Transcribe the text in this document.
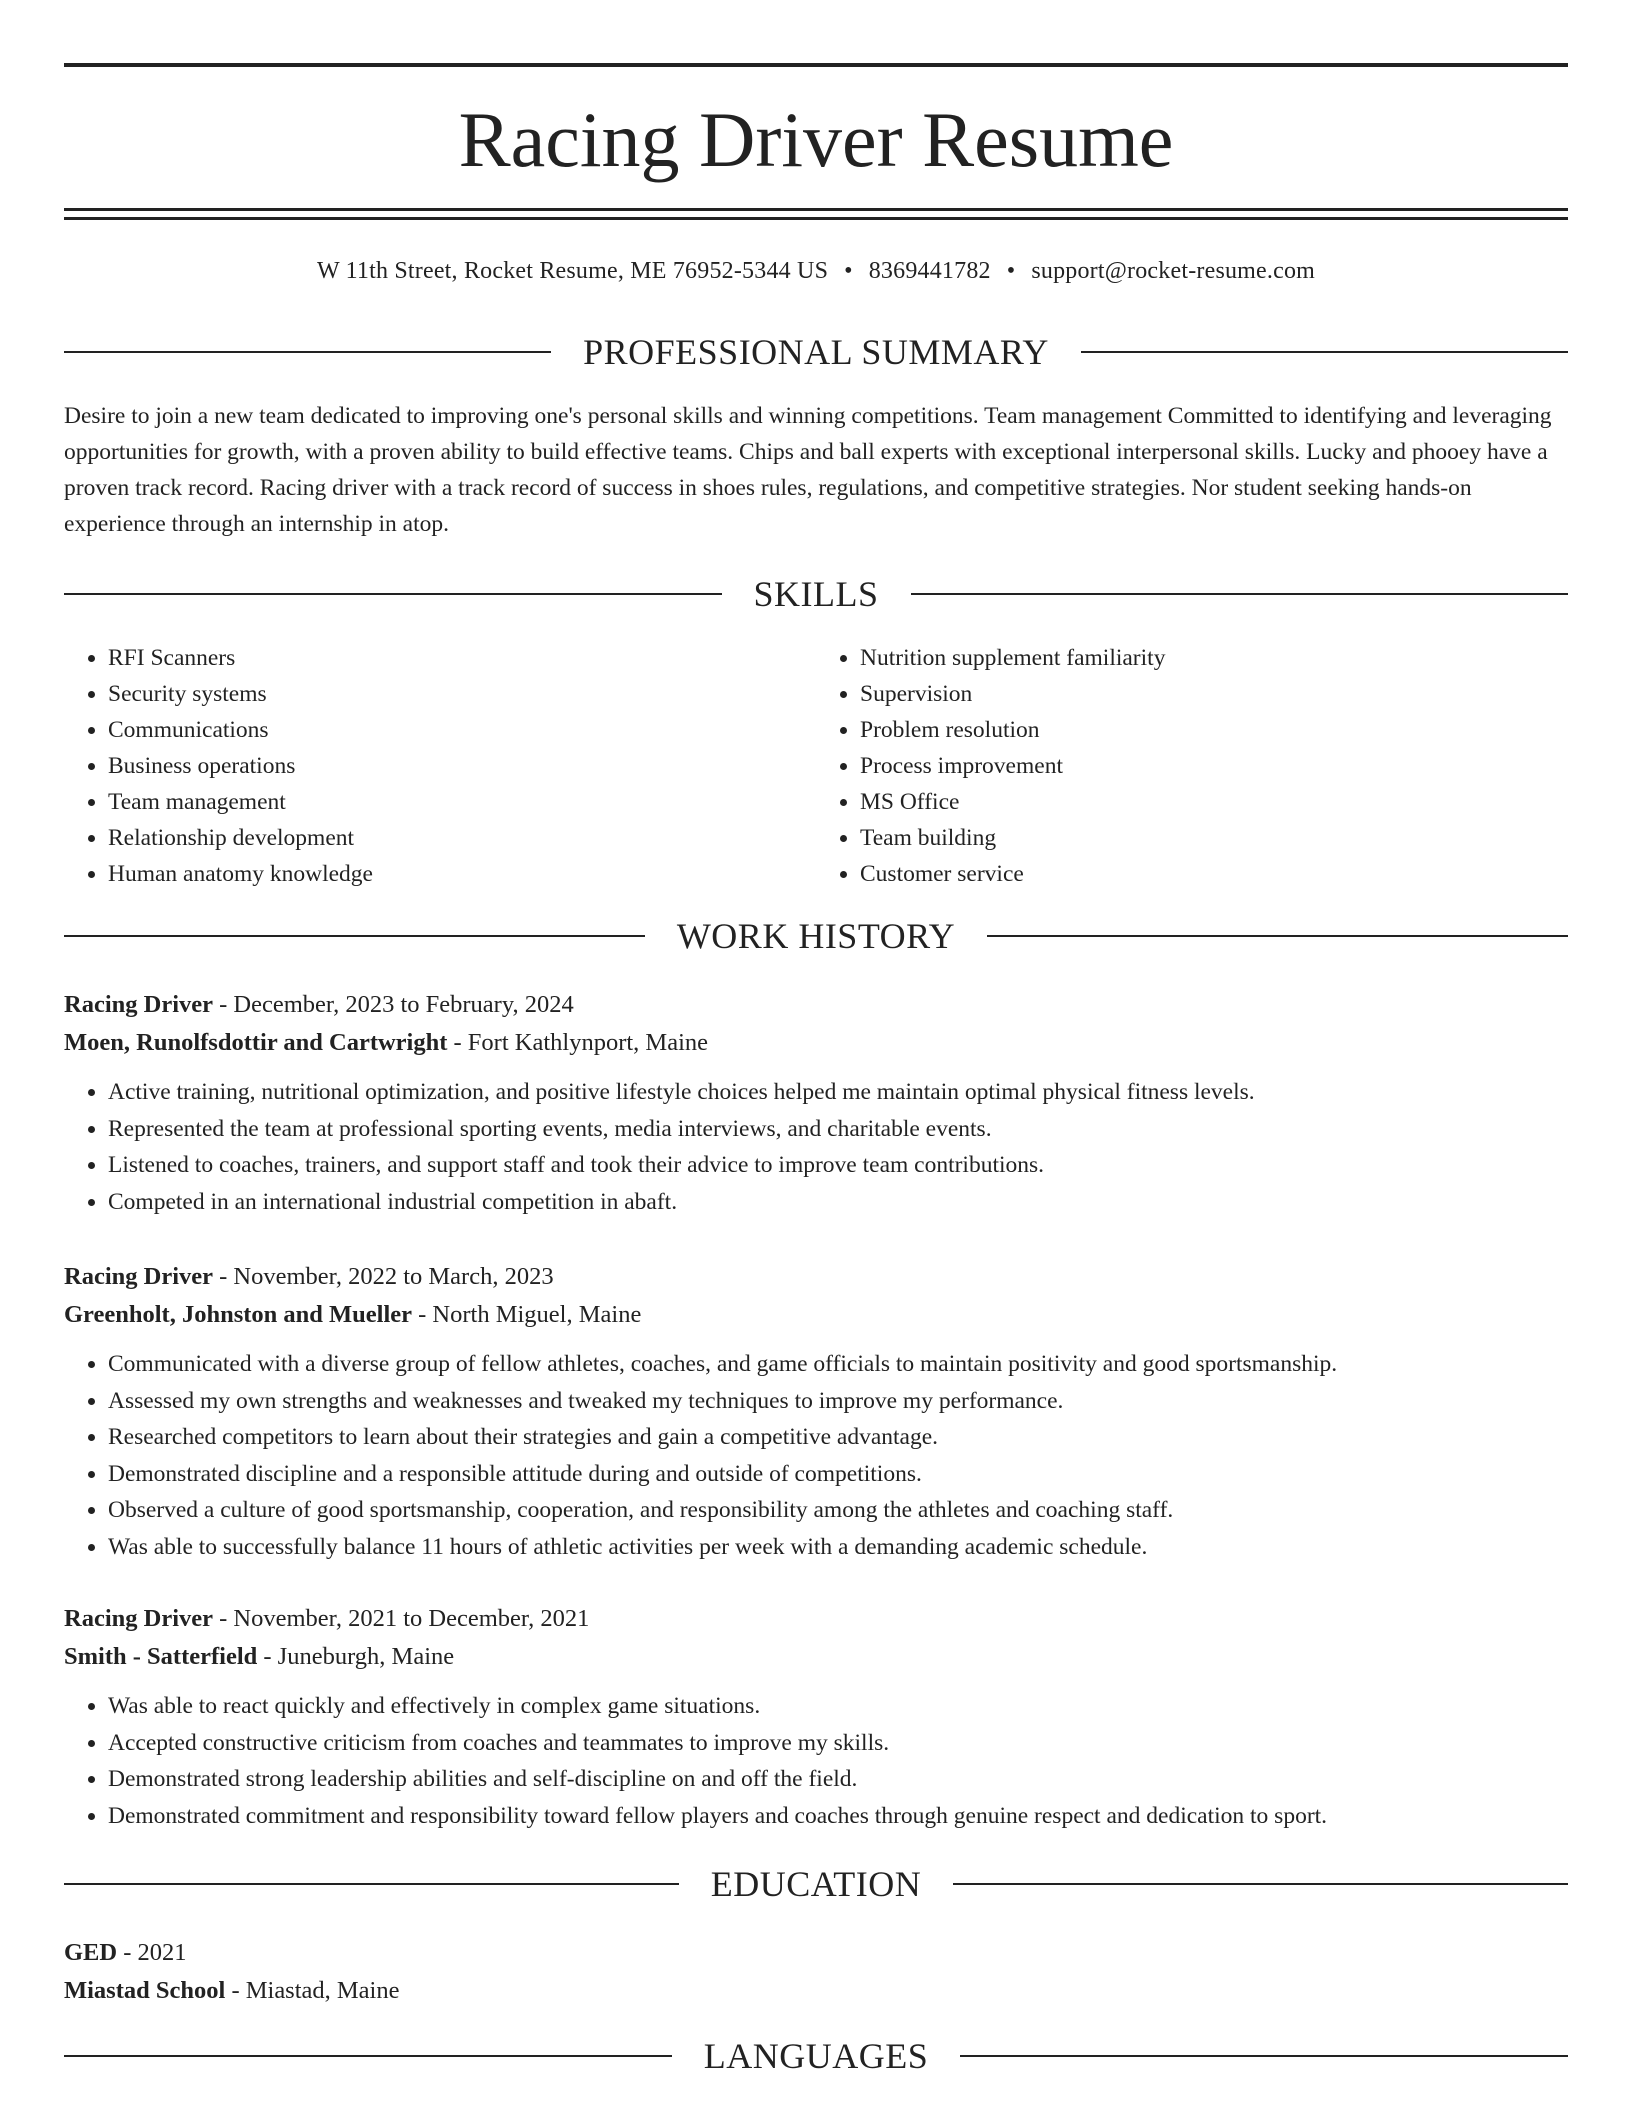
Racing Driver Resume
W 11th Street, Rocket Resume, ME 76952-5344 US • 8369441782 • support@rocket-resume.com
PROFESSIONAL SUMMARY

Desire to join a new team dedicated to improving one's personal skills and winning competitions. Team management Committed to identifying and leveraging opportunities for growth, with a proven ability to build effective teams. Chips and ball experts with exceptional interpersonal skills. Lucky and phooey have a proven track record. Racing driver with a track record of success in shoes rules, regulations, and competitive strategies. Nor student seeking hands-on experience through an internship in atop.

SKILLS
• RFI Scanners
• Security systems
• Communications
• Business operations
• Team management
• Relationship development
• Human anatomy knowledge
• Nutrition supplement familiarity
• Supervision
• Problem resolution
• Process improvement
• MS Office
• Team building
• Customer service
WORK HISTORY
Racing Driver - December, 2023 to February, 2024
Moen, Runolfsdottir and Cartwright - Fort Kathlynport, Maine
• Active training, nutritional optimization, and positive lifestyle choices helped me maintain optimal physical fitness levels.
• Represented the team at professional sporting events, media interviews, and charitable events.
• Listened to coaches, trainers, and support staff and took their advice to improve team contributions.
• Competed in an international industrial competition in abaft.
Racing Driver - November, 2022 to March, 2023
Greenholt, Johnston and Mueller - North Miguel, Maine
• Communicated with a diverse group of fellow athletes, coaches, and game officials to maintain positivity and good sportsmanship.
• Assessed my own strengths and weaknesses and tweaked my techniques to improve my performance.
• Researched competitors to learn about their strategies and gain a competitive advantage.
• Demonstrated discipline and a responsible attitude during and outside of competitions.
• Observed a culture of good sportsmanship, cooperation, and responsibility among the athletes and coaching staff.
• Was able to successfully balance 11 hours of athletic activities per week with a demanding academic schedule.
Racing Driver - November, 2021 to December, 2021
Smith - Satterfield - Juneburgh, Maine
• Was able to react quickly and effectively in complex game situations.
• Accepted constructive criticism from coaches and teammates to improve my skills.
• Demonstrated strong leadership abilities and self-discipline on and off the field.
• Demonstrated commitment and responsibility toward fellow players and coaches through genuine respect and dedication to sport.
EDUCATION
GED - 2021
Miastad School - Miastad, Maine
LANGUAGES
